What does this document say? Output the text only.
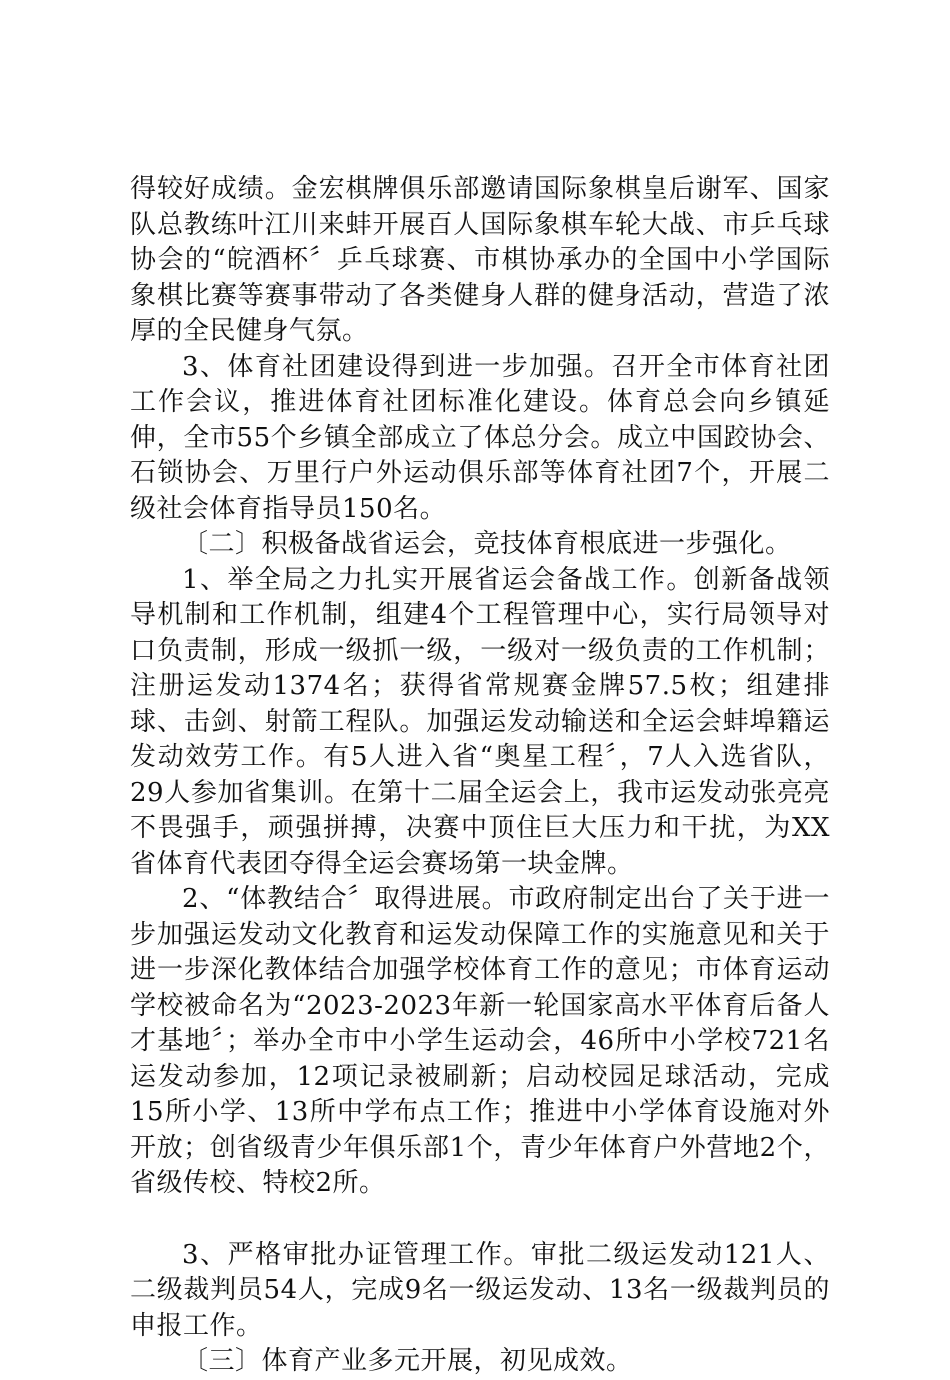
得较好成绩。金宏棋牌俱乐部邀请国际象棋皇后谢军、国家队总教练叶江川来蚌开展百人国际象棋车轮大战、市乒乓球协会的“皖酒杯〞乒乓球赛、市棋协承办的全国中小学国际象棋比赛等赛事带动了各类健身人群的健身活动，营造了浓厚的全民健身气氛。

3、体育社团建设得到进一步加强。召开全市体育社团工作会议，推进体育社团标准化建设。体育总会向乡镇延伸，全市55个乡镇全部成立了体总分会。成立中国跤协会、石锁协会、万里行户外运动俱乐部等体育社团7个，开展二级社会体育指导员150名。

〔二〕积极备战省运会，竞技体育根底进一步强化。

1、举全局之力扎实开展省运会备战工作。创新备战领导机制和工作机制，组建4个工程管理中心，实行局领导对口负责制，形成一级抓一级，一级对一级负责的工作机制；注册运发动1374名；获得省常规赛金牌57.5枚；组建排球、击剑、射箭工程队。加强运发动输送和全运会蚌埠籍运发动效劳工作。有5人进入省“奥星工程〞，7人入选省队，29人参加省集训。在第十二届全运会上，我市运发动张亮亮不畏强手，顽强拼搏，决赛中顶住巨大压力和干扰，为XX省体育代表团夺得全运会赛场第一块金牌。

2、“体教结合〞取得进展。市政府制定出台了关于进一步加强运发动文化教育和运发动保障工作的实施意见和关于进一步深化教体结合加强学校体育工作的意见；市体育运动学校被命名为“2023-2023年新一轮国家高水平体育后备人才基地〞；举办全市中小学生运动会，46所中小学校721名运发动参加，12项记录被刷新；启动校园足球活动，完成15所小学、13所中学布点工作；推进中小学体育设施对外开放；创省级青少年俱乐部1个，青少年体育户外营地2个，省级传校、特校2所。

3、严格审批办证管理工作。审批二级运发动121人、二级裁判员54人，完成9名一级运发动、13名一级裁判员的申报工作。

〔三〕体育产业多元开展，初见成效。
